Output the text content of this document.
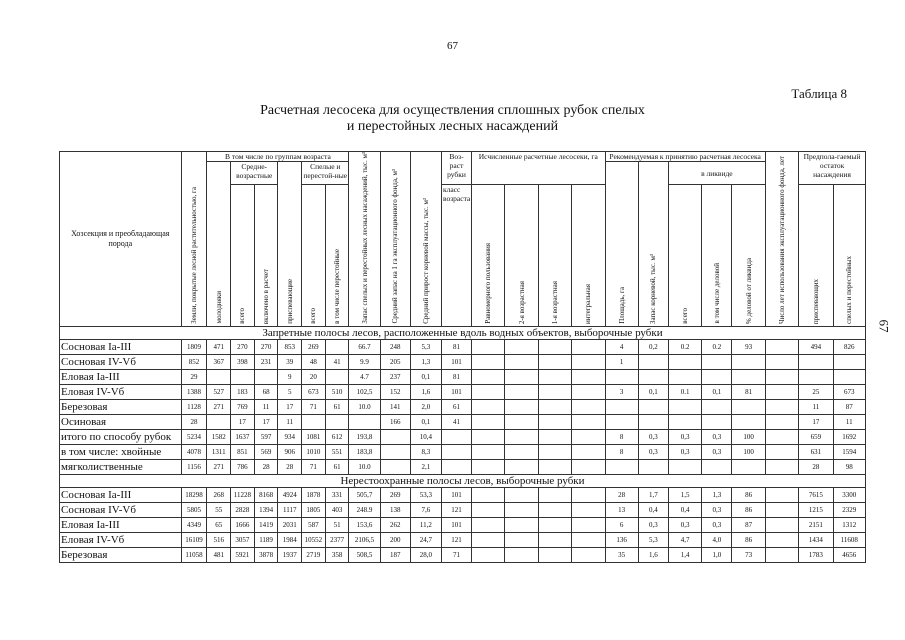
67
Таблица 8
Расчетная лесосека для осуществления сплошных рубок спелых
и перестойных лесных насаждений
67
Хозсекция и преобладающая порода	Земли, покрытые лесной растительностью, га	В том числе по группам возраста						Запас спелых и перестойных лесных насаждений, тыс. м³	Средний запас на 1 га эксплуатационного фонда, м³	Средний прирост корневой массы, тыс. м³	Воз-раст рубки	Исчисленные расчетные лесосеки, га				Рекомендуемая к принятию расчетная лесосека					Число лет использования эксплуатационного фонда, лет	Предпола-гаемый остаток насаждения	
		молодняки	Средне-возрастные		приспевающие	Спелые и перестой-ные										Площадь, га	Запас корневой, тыс. м³	в ликвиде					
			всего	включено в расчет		всего	в том числе перестойные				класс возраста	Равномерного пользования	2-я возрастная	1-я возрастная	интегральная			всего	в том числе деловой	% деловой от ликвида		приспевающих	спелых и перестойных

Запретные полосы лесов, расположенные вдоль водных объектов, выборочные рубки																							
Сосновая Ia-III	1809	471	270	270	853	269		66.7	248	5,3	81					4	0,2	0.2	0.2	93		494	826
Сосновая IV-Vб	852	367	398	231	39	48	41	9.9	205	1,3	101					1							
Еловая Ia-III	29				9	20		4.7	237	0,1	81												
Еловая IV-Vб	1388	527	183	68	5	673	510	102,5	152	1,6	101					3	0,1	0.1	0,1	81		25	673
Березовая	1128	271	769	11	17	71	61	10.0	141	2,0	61											11	87
Осиновая	28		17	17	11				166	0,1	41											17	11
итого по способу рубок	5234	1582	1637	597	934	1081	612	193,8		10,4						8	0,3	0,3	0,3	100		659	1692
в том числе: хвойные	4078	1311	851	569	906	1010	551	183,8		8,3						8	0,3	0,3	0,3	100		631	1594
мягколиственные	1156	271	786	28	28	71	61	10.0		2,1												28	98
Нерестоохранные полосы лесов, выборочные рубки																							
Сосновая Ia-III	18298	268	11228	8168	4924	1878	331	505,7	269	53,3	101					28	1,7	1,5	1,3	86		7615	3300
Сосновая IV-Vб	5805	55	2828	1394	1117	1805	403	248.9	138	7,6	121					13	0,4	0,4	0,3	86		1215	2329
Еловая Ia-III	4349	65	1666	1419	2031	587	51	153,6	262	11,2	101					6	0,3	0,3	0,3	87		2151	1312
Еловая IV-Vб	16109	516	3057	1189	1984	10552	2377	2106,5	200	24,7	121					136	5,3	4,7	4,0	86		1434	11608
Березовая	11058	481	5921	3878	1937	2719	358	508,5	187	28,0	71					35	1,6	1,4	1,0	73		1783	4656
